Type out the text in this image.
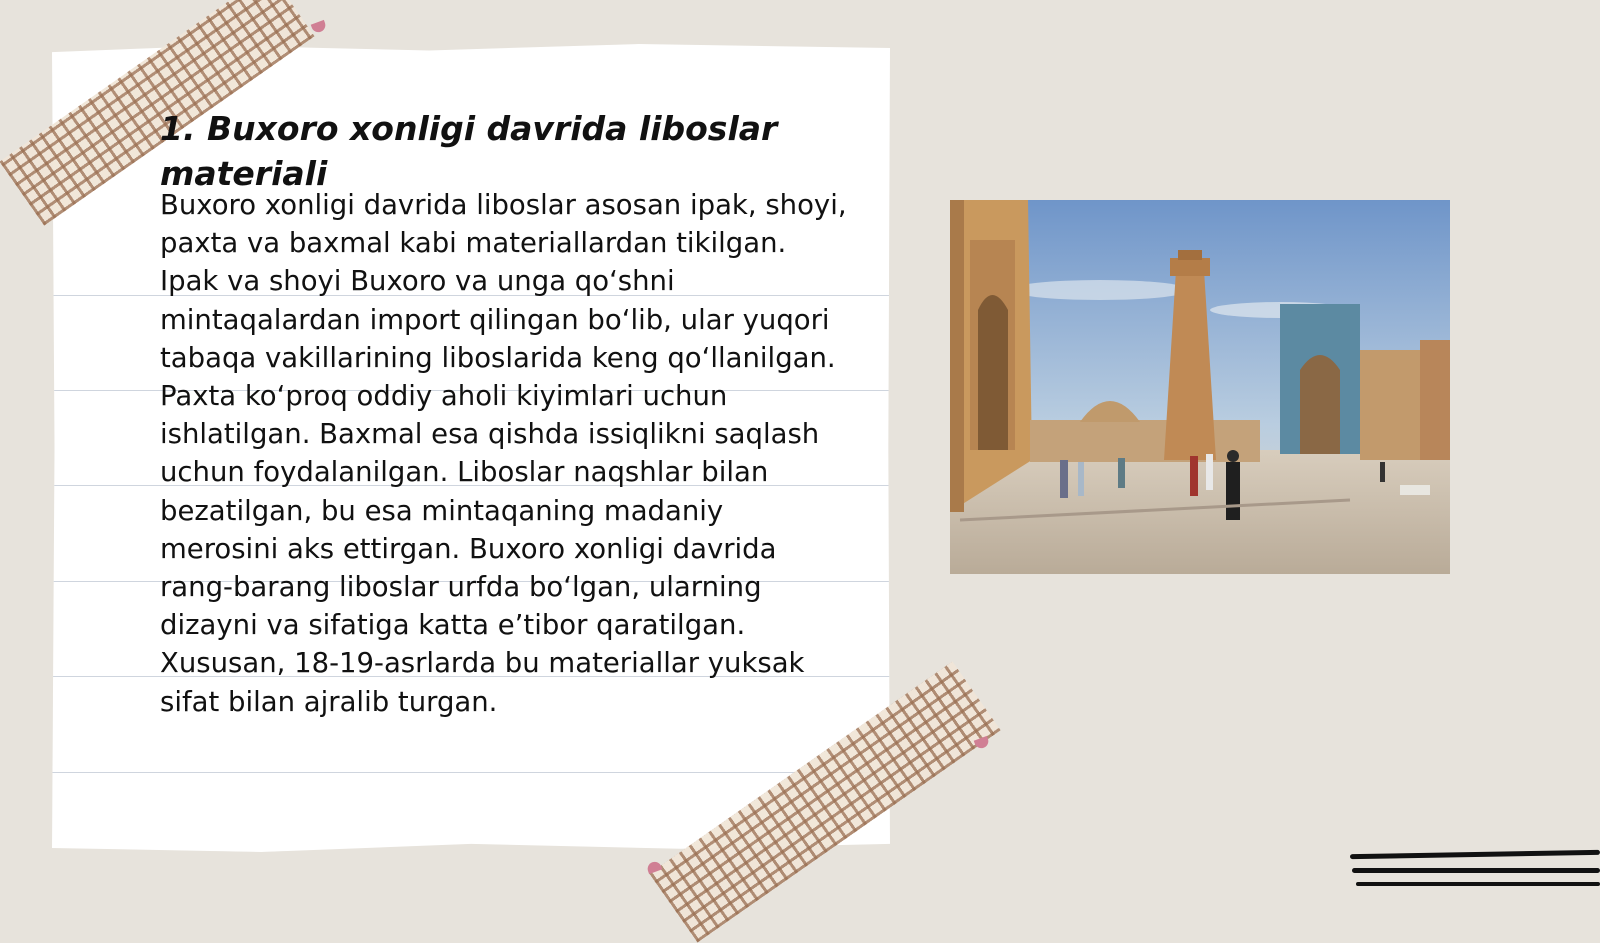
1. Buxoro xonligi davrida liboslar materiali

Buxoro xonligi davrida liboslar asosan ipak, shoyi, paxta va baxmal kabi materiallardan tikilgan. Ipak va shoyi Buxoro va unga qo‘shni mintaqalardan import qilingan bo‘lib, ular yuqori tabaqa vakillarining liboslarida keng qo‘llanilgan. Paxta ko‘proq oddiy aholi kiyimlari uchun ishlatilgan. Baxmal esa qishda issiqlikni saqlash uchun foydalanilgan. Liboslar naqshlar bilan bezatilgan, bu esa mintaqaning madaniy merosini aks ettirgan. Buxoro xonligi davrida rang-barang liboslar urfda bo‘lgan, ularning dizayni va sifatiga katta e’tibor qaratilgan. Xususan, 18-19-asrlarda bu materiallar yuksak sifat bilan ajralib turgan.
